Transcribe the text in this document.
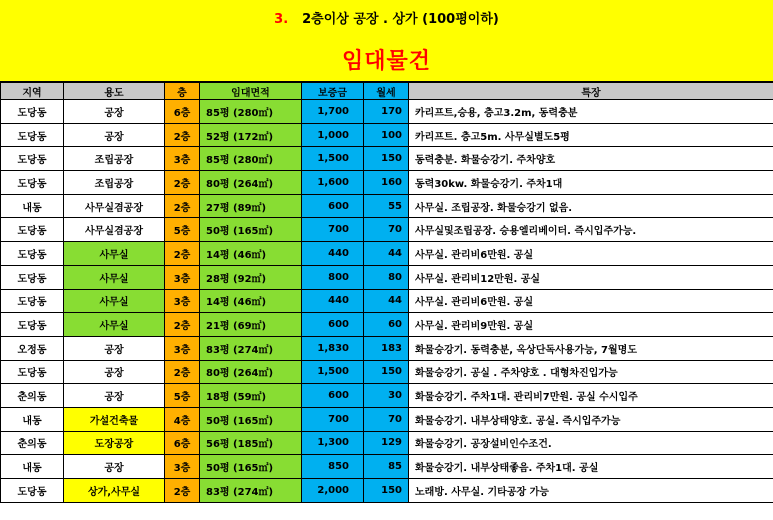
3. 2층이상 공장 . 상가 (100평이하)
임대물건
지역	용도	층	임대면적	보증금	월세	특장
도당동	공장	6층	85평 (280㎡)	1,700	170	카리프트,승용, 층고3.2m, 동력충분
도당동	공장	2층	52평 (172㎡)	1,000	100	카리프트. 층고5m. 사무실별도5평
도당동	조립공장	3층	85평 (280㎡)	1,500	150	동력충분. 화물승강기. 주차양호
도당동	조립공장	2층	80평 (264㎡)	1,600	160	동력30kw. 화물승강기. 주차1대
내동	사무실겸공장	2층	27평 (89㎡)	600	55	사무실. 조립공장. 화물승강기 없음.
도당동	사무실겸공장	5층	50평 (165㎡)	700	70	사무실및조립공장. 승용엘리베이터. 즉시입주가능.
도당동	사무실	2층	14평 (46㎡)	440	44	사무실. 관리비6만원. 공실
도당동	사무실	3층	28평 (92㎡)	800	80	사무실. 관리비12만원. 공실
도당동	사무실	3층	14평 (46㎡)	440	44	사무실. 관리비6만원. 공실
도당동	사무실	2층	21평 (69㎡)	600	60	사무실. 관리비9만원. 공실
오정동	공장	3층	83평 (274㎡)	1,830	183	화물승강기. 동력충분, 옥상단독사용가능, 7월명도
도당동	공장	2층	80평 (264㎡)	1,500	150	화물승강기. 공실 . 주차양호 . 대형차진입가능
춘의동	공장	5층	18평 (59㎡)	600	30	화물승강기. 주차1대. 관리비7만원. 공실 수시입주
내동	가설건축물	4층	50평 (165㎡)	700	70	화물승강기. 내부상태양호. 공실. 즉시입주가능
춘의동	도장공장	6층	56평 (185㎡)	1,300	129	화물승강기. 공장설비인수조건.
내동	공장	3층	50평 (165㎡)	850	85	화물승강기. 내부상태좋음. 주차1대. 공실
도당동	상가,사무실	2층	83평 (274㎡)	2,000	150	노래방. 사무실. 기타공장 가능
